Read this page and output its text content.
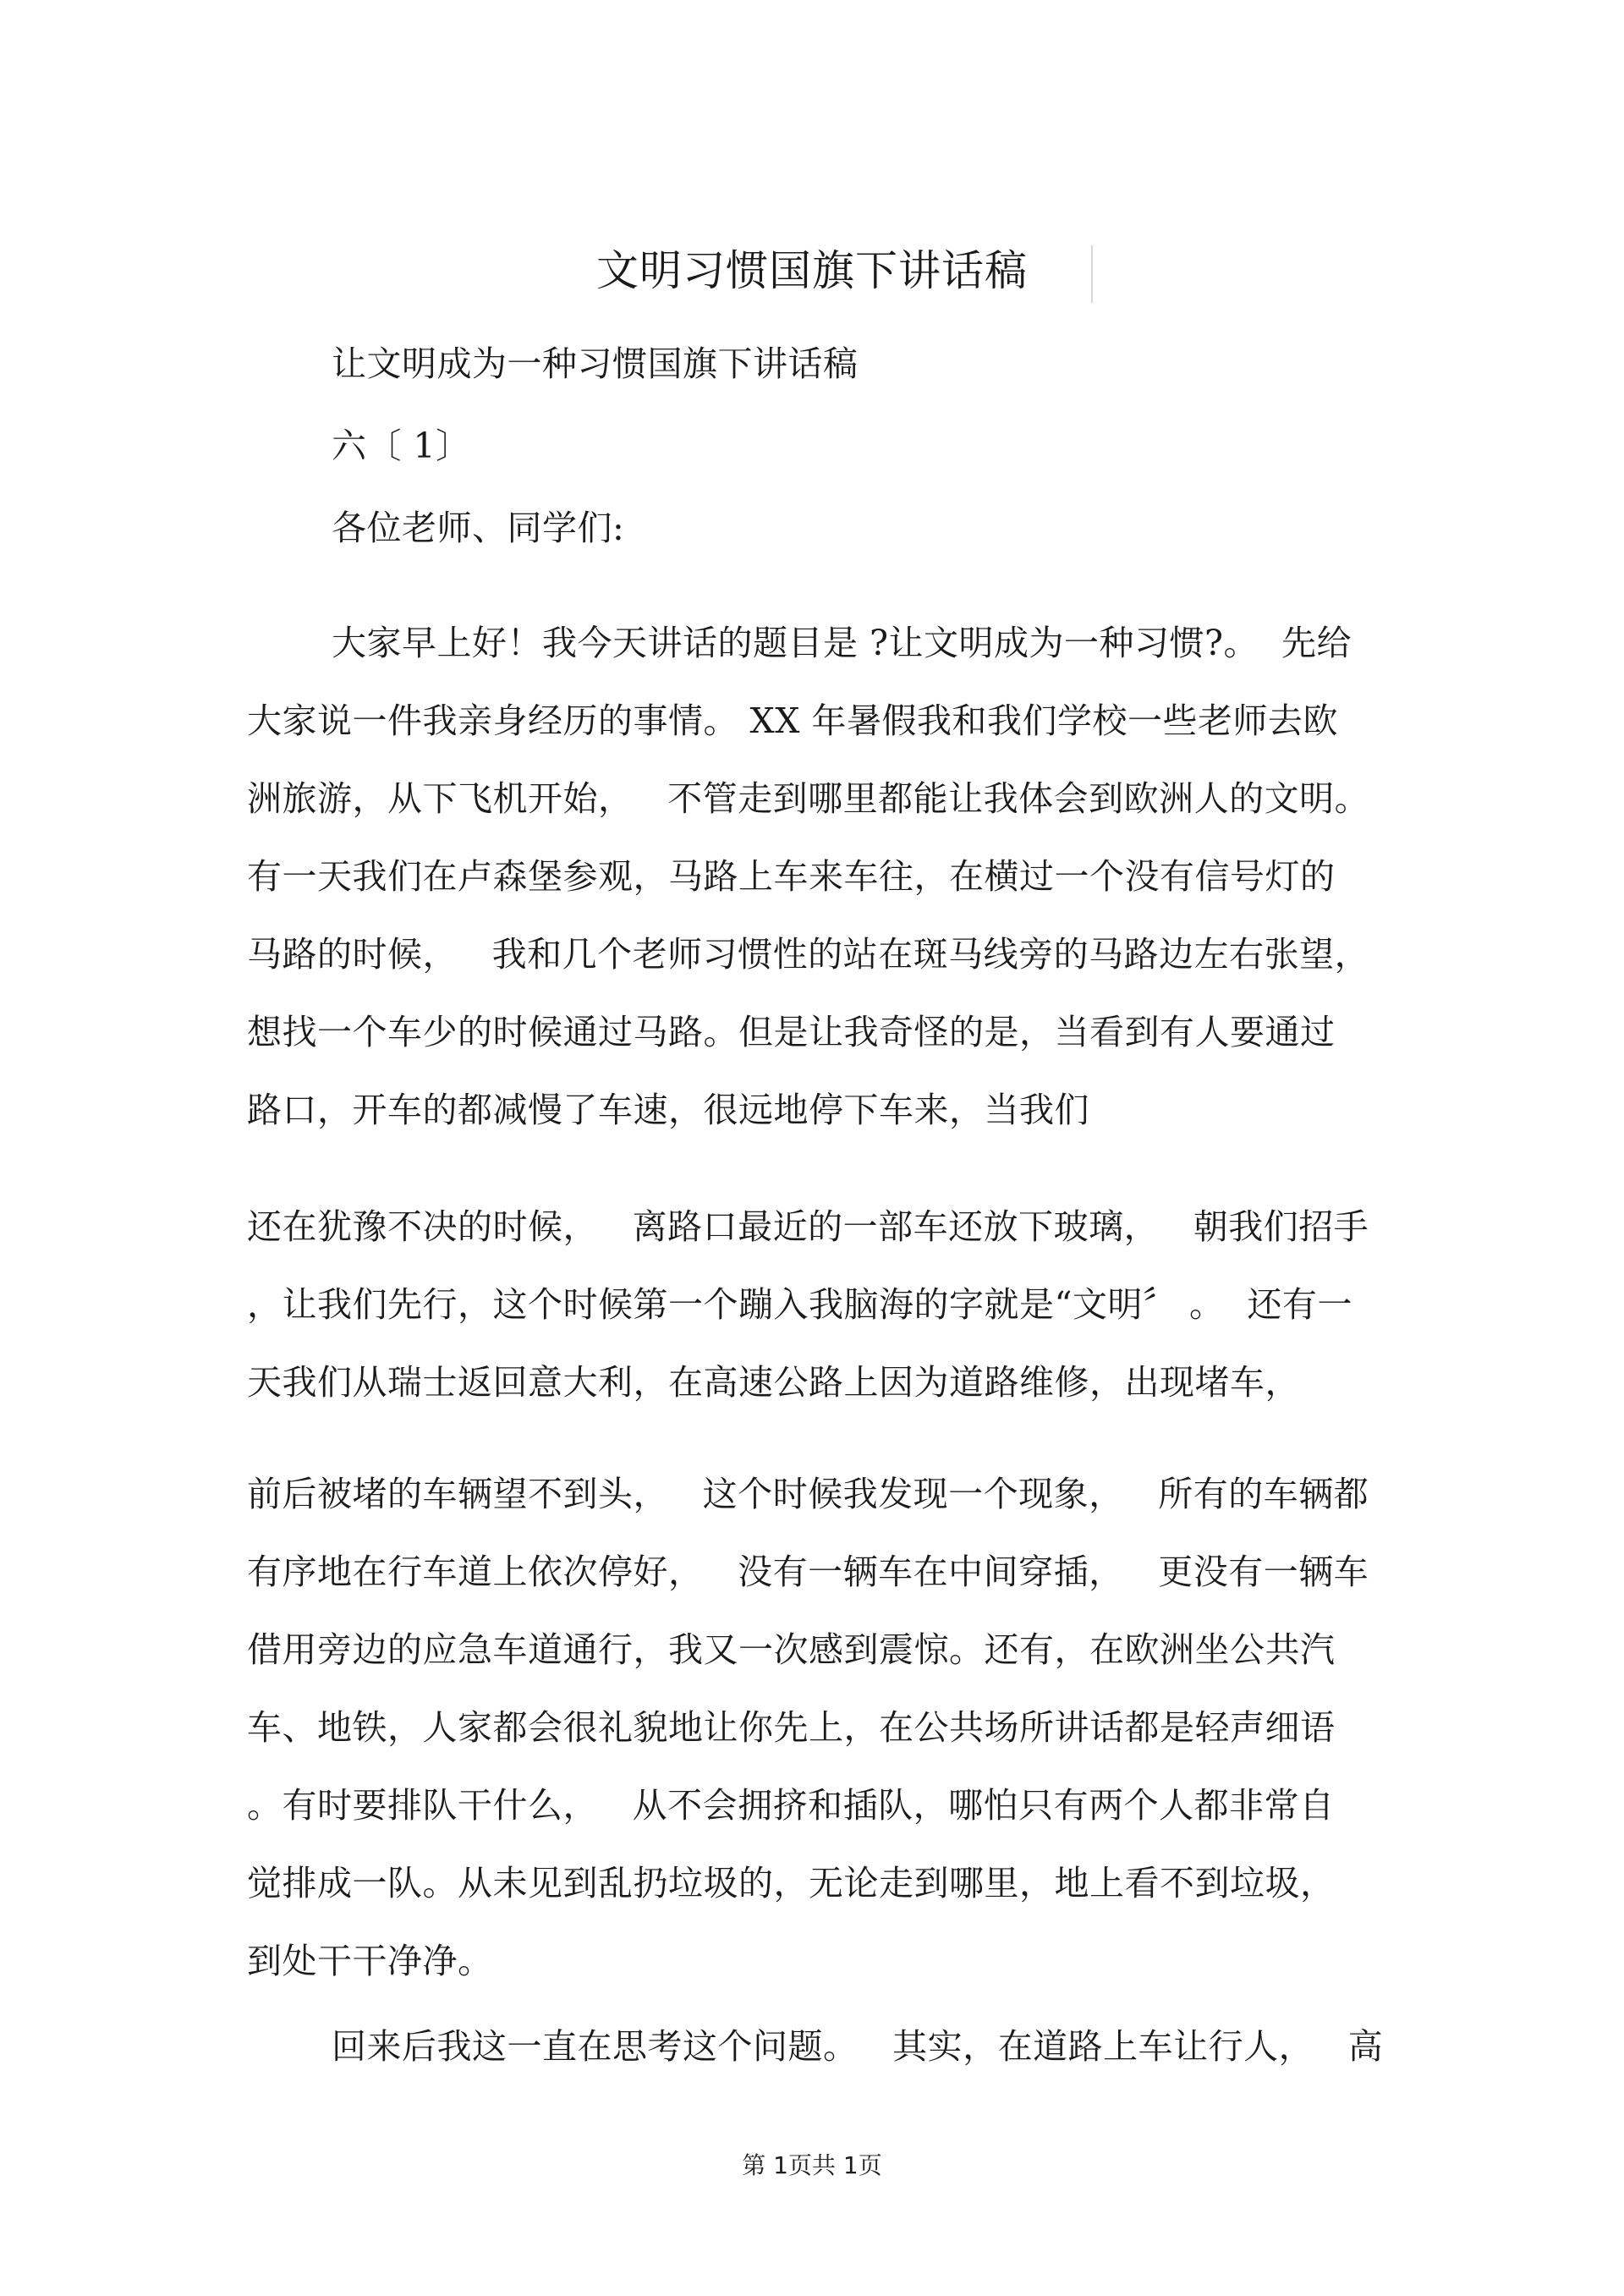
文明习惯国旗下讲话稿
让文明成为一种习惯国旗下讲话稿
六〔 1〕
各位老师、同学们:
大家早上好！我今天讲话的题目是 ?让文明成为一种习惯?。  先给
大家说一件我亲身经历的事情。 XX 年暑假我和我们学校一些老师去欧
洲旅游，从下飞机开始，   不管走到哪里都能让我体会到欧洲人的文明。
有一天我们在卢森堡参观，马路上车来车往，在横过一个没有信号灯的
马路的时候，   我和几个老师习惯性的站在斑马线旁的马路边左右张望，
想找一个车少的时候通过马路。但是让我奇怪的是，当看到有人要通过
路口，开车的都减慢了车速，很远地停下车来，当我们
还在犹豫不决的时候，   离路口最近的一部车还放下玻璃，   朝我们招手
，让我们先行，这个时候第一个蹦入我脑海的字就是“文明〞 。  还有一
天我们从瑞士返回意大利，在高速公路上因为道路维修，出现堵车，
前后被堵的车辆望不到头，   这个时候我发现一个现象，   所有的车辆都
有序地在行车道上依次停好，   没有一辆车在中间穿插，   更没有一辆车
借用旁边的应急车道通行，我又一次感到震惊。还有，在欧洲坐公共汽
车、地铁，人家都会很礼貌地让你先上，在公共场所讲话都是轻声细语
。有时要排队干什么，   从不会拥挤和插队，哪怕只有两个人都非常自
觉排成一队。从未见到乱扔垃圾的，无论走到哪里，地上看不到垃圾，
到处干干净净。
回来后我这一直在思考这个问题。   其实，在道路上车让行人，   高
第 1页共 1页
